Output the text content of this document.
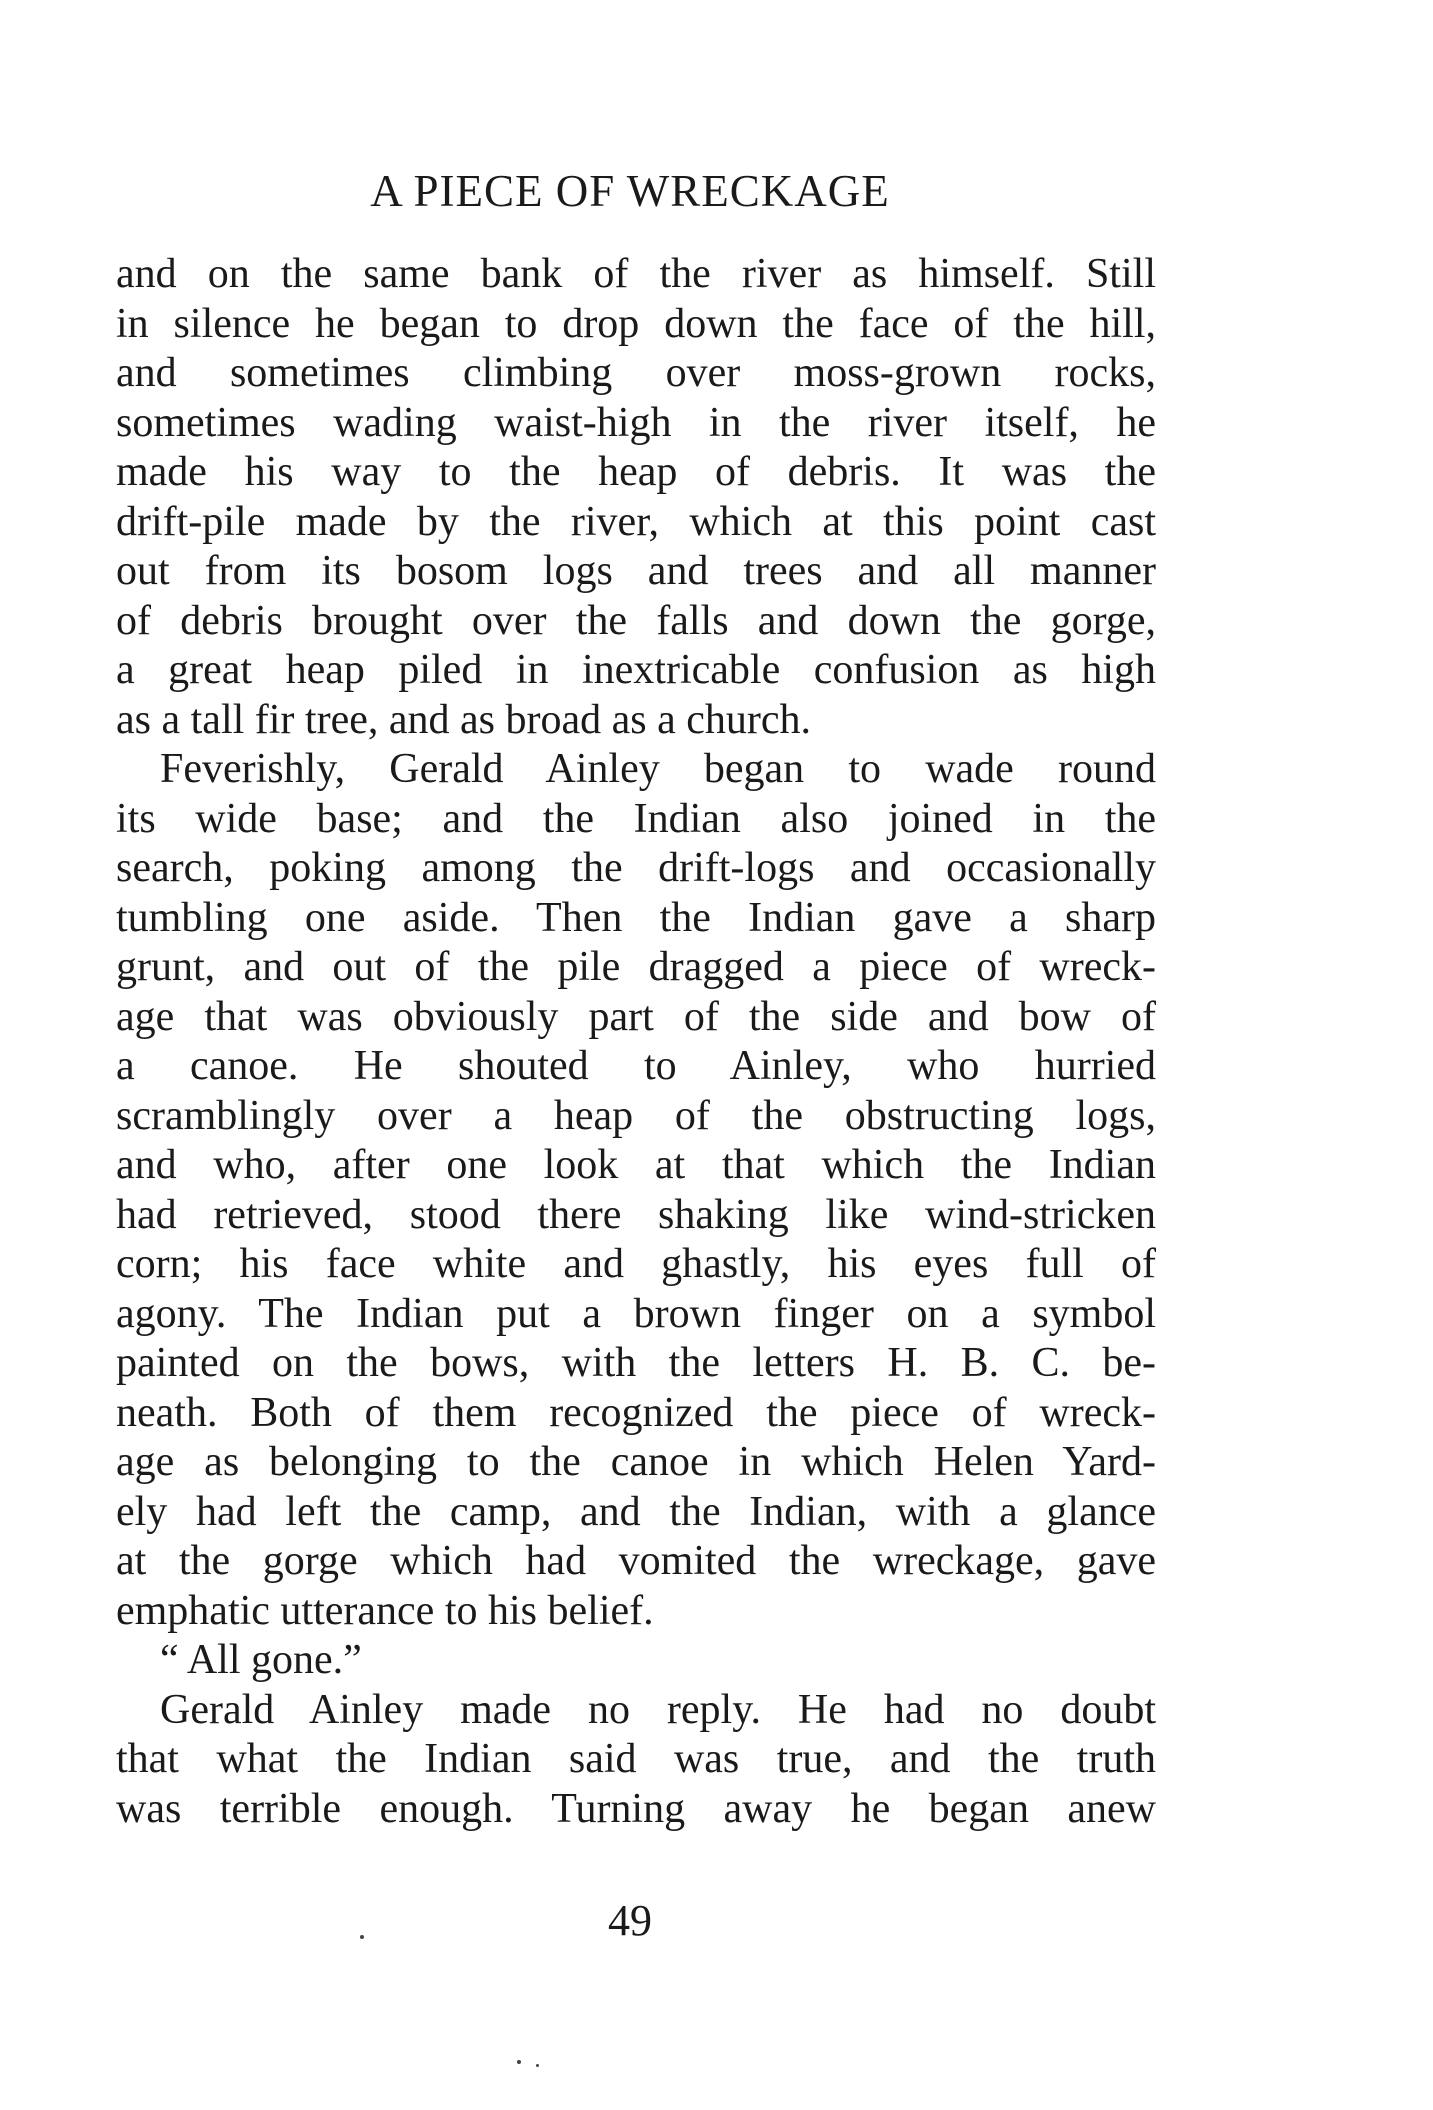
A PIECE OF WRECKAGE
and on the same bank of the river as himself. Still
in silence he began to drop down the face of the hill,
and sometimes climbing over moss-grown rocks,
sometimes wading waist-high in the river itself, he
made his way to the heap of debris. It was the
drift-pile made by the river, which at this point cast
out from its bosom logs and trees and all manner
of debris brought over the falls and down the gorge,
a great heap piled in inextricable confusion as high
as a tall fir tree, and as broad as a church.
Feverishly, Gerald Ainley began to wade round
its wide base; and the Indian also joined in the
search, poking among the drift-logs and occasionally
tumbling one aside. Then the Indian gave a sharp
grunt, and out of the pile dragged a piece of wreck-
age that was obviously part of the side and bow of
a canoe. He shouted to Ainley, who hurried
scramblingly over a heap of the obstructing logs,
and who, after one look at that which the Indian
had retrieved, stood there shaking like wind-stricken
corn; his face white and ghastly, his eyes full of
agony. The Indian put a brown finger on a symbol
painted on the bows, with the letters H. B. C. be-
neath. Both of them recognized the piece of wreck-
age as belonging to the canoe in which Helen Yard-
ely had left the camp, and the Indian, with a glance
at the gorge which had vomited the wreckage, gave
emphatic utterance to his belief.
“ All gone.”
Gerald Ainley made no reply. He had no doubt
that what the Indian said was true, and the truth
was terrible enough. Turning away he began anew
49
